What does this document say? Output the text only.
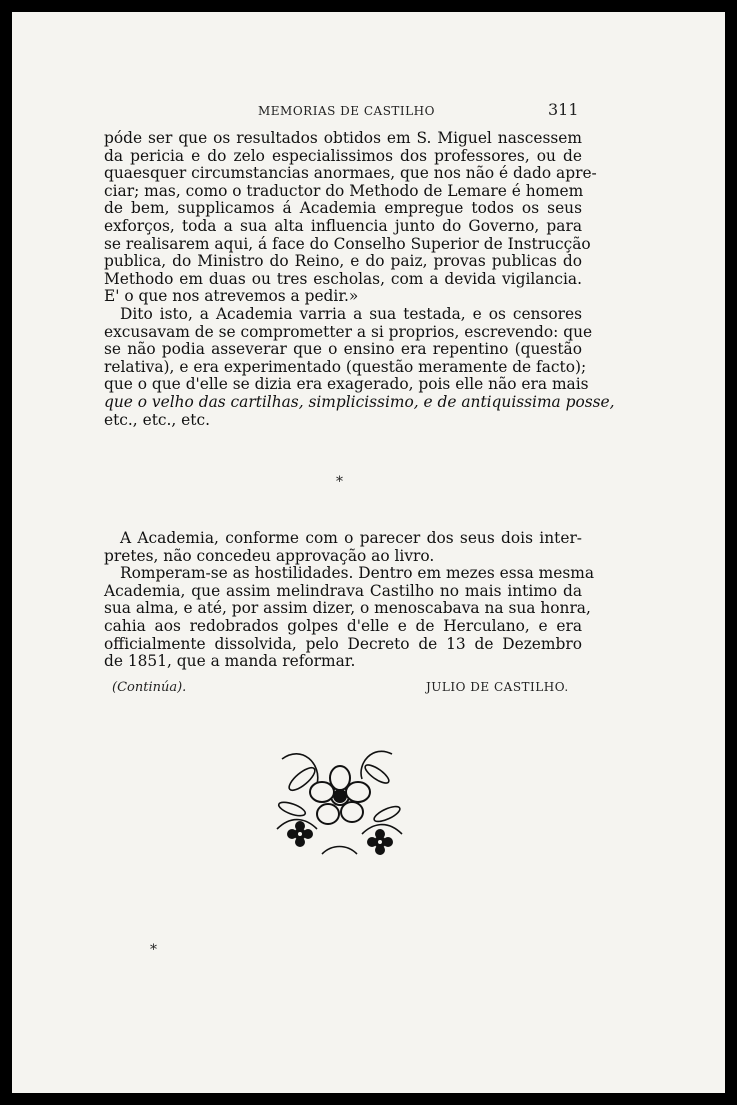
MEMORIAS DE CASTILHO	311
póde ser que os resultados obtidos em S. Miguel nascessem
da pericia e do zelo especialissimos dos professores, ou de
quaesquer circumstancias anormaes, que nos não é dado apre-
ciar; mas, como o traductor do Methodo de Lemare é homem
de bem, supplicamos á Academia empregue todos os seus
exforços, toda a sua alta influencia junto do Governo, para
se realisarem aqui, á face do Conselho Superior de Instrucção
publica, do Ministro do Reino, e do paiz, provas publicas do
Methodo em duas ou tres escholas, com a devida vigilancia.
E' o que nos atrevemos a pedir.»
Dito isto, a Academia varria a sua testada, e os censores
excusavam de se comprometter a si proprios, escrevendo: que
se não podia asseverar que o ensino era repentino (questão
relativa), e era experimentado (questão meramente de facto);
que o que d'elle se dizia era exagerado, pois elle não era mais
que o velho das cartilhas, simplicissimo, e de antiquissima posse,
etc., etc., etc.
*
A Academia, conforme com o parecer dos seus dois inter-
pretes, não concedeu approvação ao livro.
Romperam-se as hostilidades. Dentro em mezes essa mesma
Academia, que assim melindrava Castilho no mais intimo da
sua alma, e até, por assim dizer, o menoscabava na sua honra,
cahia aos redobrados golpes d'elle e de Herculano, e era
officialmente dissolvida, pelo Decreto de 13 de Dezembro
de 1851, que a manda reformar.
(Continúa).	JULIO DE CASTILHO.
*
